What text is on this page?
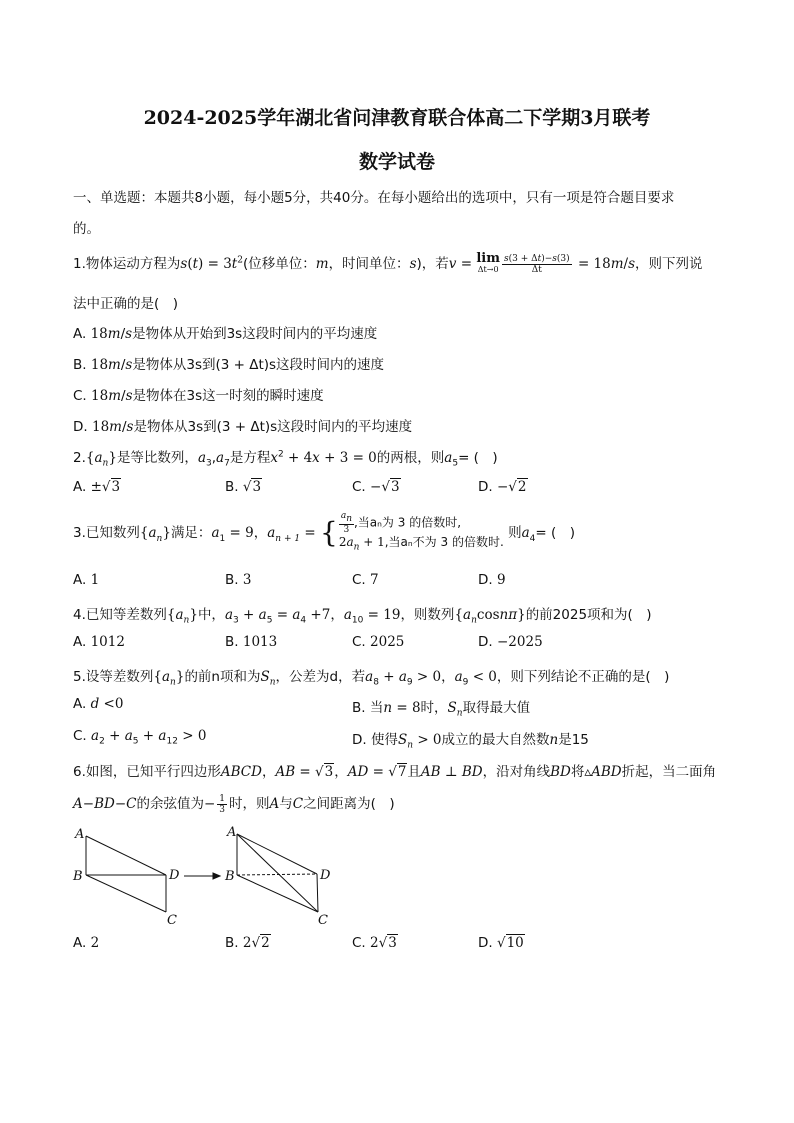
2024-2025学年湖北省问津教育联合体高二下学期3月联考
数学试卷
一、单选题：本题共8小题，每小题5分，共40分。在每小题给出的选项中，只有一项是符合题目要求
的。
1.物体运动方程为$s(t) = 3t^2$(位移单位：m，时间单位：s)，若v = lim
$\Delta t\to 0 \frac{s(3 + \Delta t)-s(3)}{\Delta t} = 18m/s$，则下列说
法中正确的是(　)
A. 18m/s是物体从开始到3s这段时间内的平均速度
B. 18m/s是物体从3s到(3 + Δt)s这段时间内的速度
C. 18m/s是物体在3s这一时刻的瞬时速度
D. 18m/s是物体从3s到(3 + Δt)s这段时间内的平均速度
$2.\{a_n\}$是等比数列，$a_3,a_7$是方程$x^2 + 4x + 3 = 0$的两根，则$a_5=$ (　)
A. ±√3	B. √3	C. −√3	D. −√2
3.已知数列$\{a_n\}$满足：$a_1 = 9$，$a_{n + 1}$ = { $\frac{a_n}{3}$ ,当aₙ为 3 的倍数时,
$2a_n + 1$,当aₙ不为 3 的倍数时.
则$a_4=$ (　)
A. 1	B. 3	C. 7	D. 9
4.已知等差数列$\{a_n\}$中，$a_3 + a_5 = a_4 +7$，$a_{10} = 19$，则数列$\{a_n\cos n\pi\}$的前2025项和为(　)
A. 1012	B. 1013	C. 2025	D. −2025
5.设等差数列$\{a_n\}$的前n项和为$S_n$，公差为d，若$a_8 + a_9 > 0$，$a_9 < 0$，则下列结论不正确的是(　)
A. d <0	B. 当n = 8时，$S_n$取得最大值
C. $a_2 + a_5 + a_{12} > 0$	D. 使得$S_n > 0$成立的最大自然数n是15
6.如图，已知平行四边形ABCD，AB = √3，AD = √7且AB ⊥ BD，沿对角线BD将▵ABD折起，当二面角
A−BD−C的余弦值为− $\frac{1}{3}$ 时，则A与C之间距离为(　)
A
B
C
D
A
B
C
D
A. 2	B. 2√2	C. 2√3	D. √10
